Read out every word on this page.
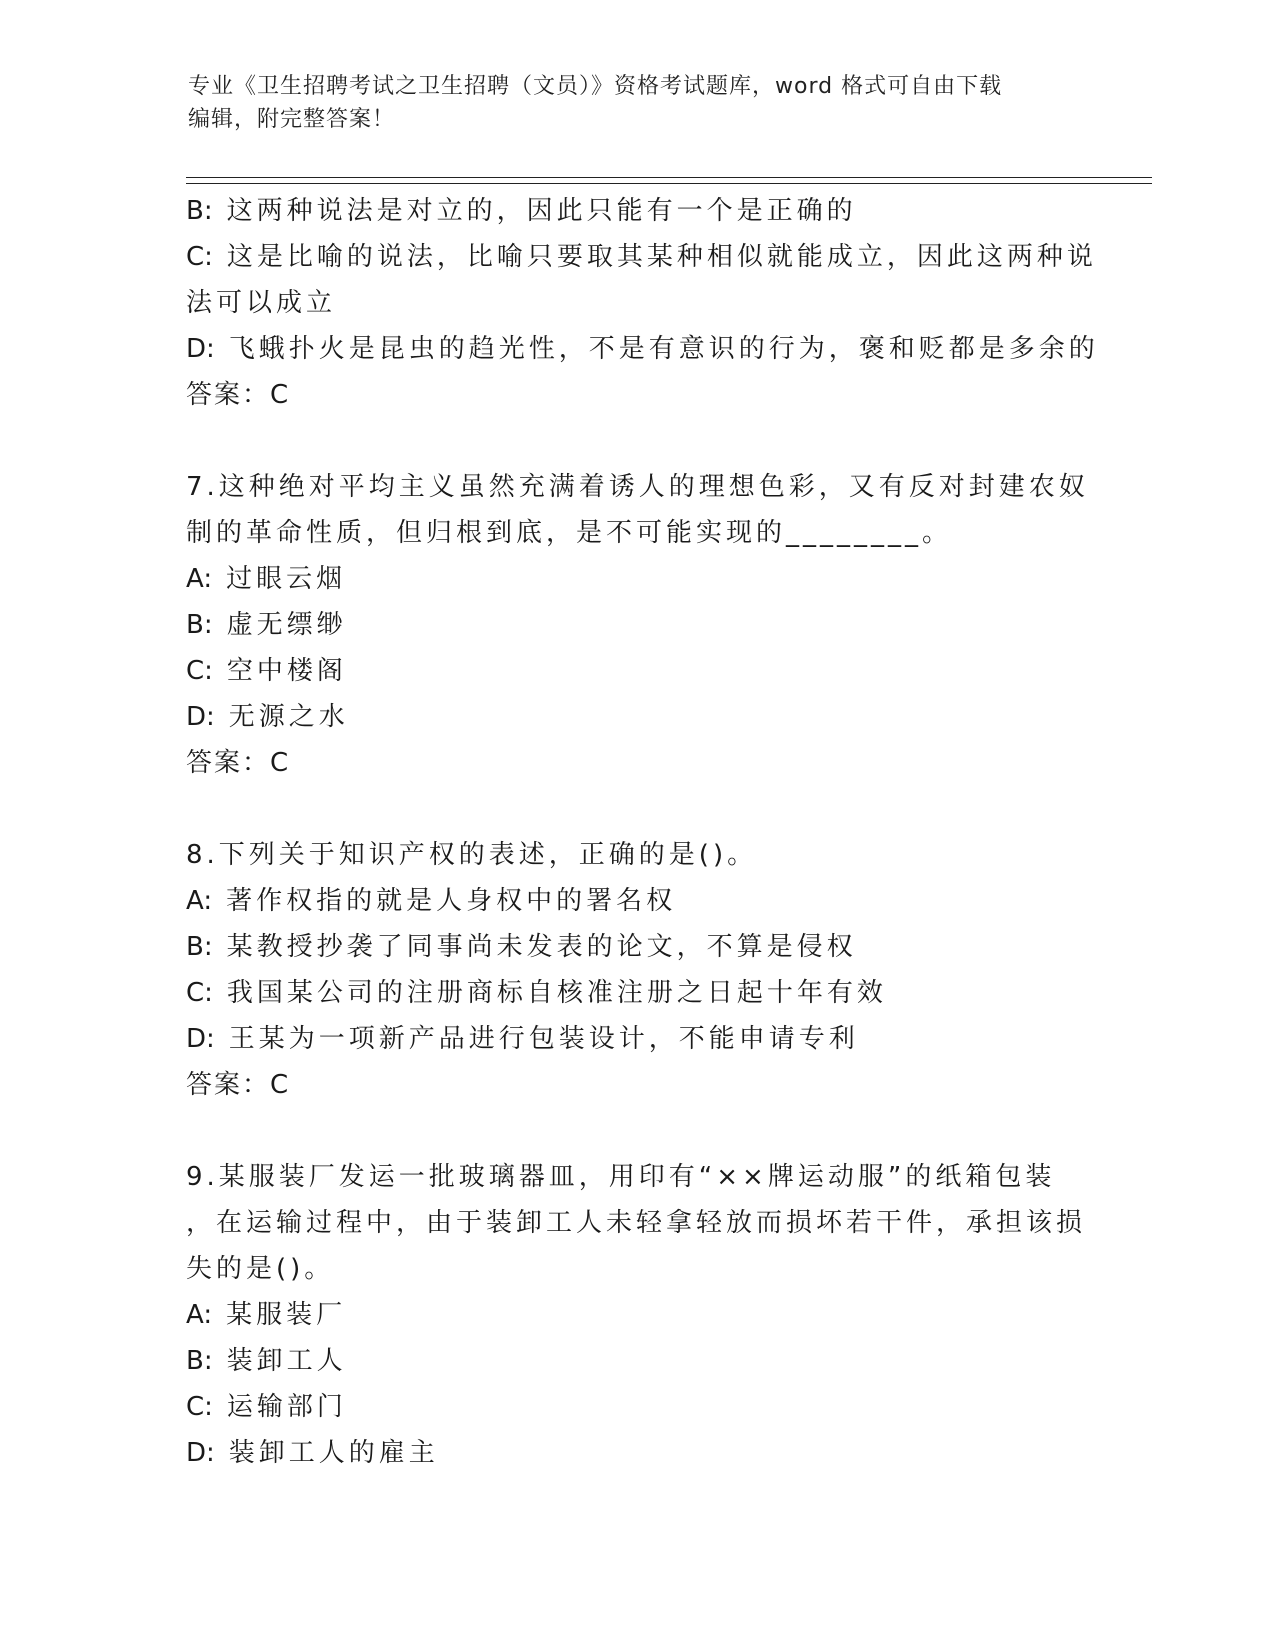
专业《卫生招聘考试之卫生招聘（文员）》资格考试题库，word 格式可自由下载
编辑，附完整答案！
B: 这两种说法是对立的，因此只能有一个是正确的
C: 这是比喻的说法，比喻只要取其某种相似就能成立，因此这两种说
法可以成立
D: 飞蛾扑火是昆虫的趋光性，不是有意识的行为，褒和贬都是多余的
答案：C
7.这种绝对平均主义虽然充满着诱人的理想色彩，又有反对封建农奴
制的革命性质，但归根到底，是不可能实现的________。
A: 过眼云烟
B: 虚无缥缈
C: 空中楼阁
D: 无源之水
答案：C
8.下列关于知识产权的表述，正确的是()。
A: 著作权指的就是人身权中的署名权
B: 某教授抄袭了同事尚未发表的论文，不算是侵权
C: 我国某公司的注册商标自核准注册之日起十年有效
D: 王某为一项新产品进行包装设计，不能申请专利
答案：C
9.某服装厂发运一批玻璃器皿，用印有“××牌运动服”的纸箱包装
，在运输过程中，由于装卸工人未轻拿轻放而损坏若干件，承担该损
失的是()。
A: 某服装厂
B: 装卸工人
C: 运输部门
D: 装卸工人的雇主
